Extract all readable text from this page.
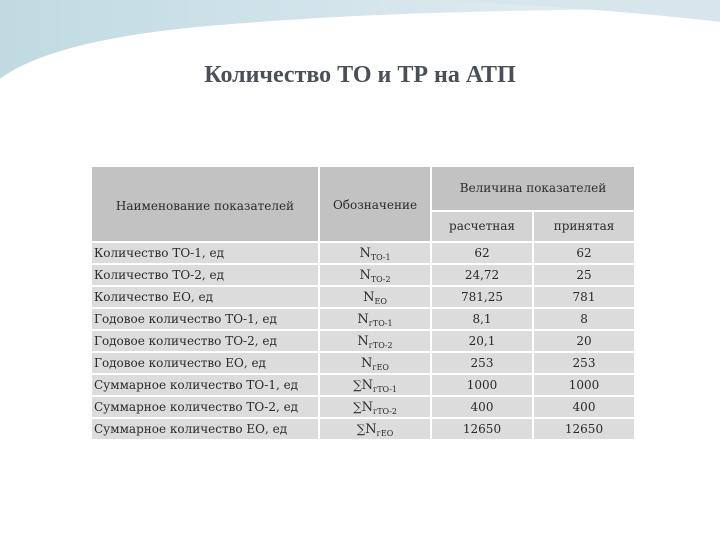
Количество ТО и ТР на АТП
Наименование показателей	Обозначение	Величина показателей	
		расчетная	принятая
Количество ТО-1, ед	$N_{ТО-1}$	62	62
Количество ТО-2, ед	$N_{ТО-2}$	24,72	25
Количество ЕО, ед	$N_{ЕО}$	781,25	781
Годовое количество ТО-1, ед	$N_{гТО-1}$	8,1	8
Годовое количество ТО-2, ед	$N_{гТО-2}$	20,1	20
Годовое количество ЕО, ед	$N_{гЕО}$	253	253
Суммарное количество ТО-1, ед	$\sum N_{гТО-1}$	1000	1000
Суммарное количество ТО-2, ед	$\sum N_{гТО-2}$	400	400
Суммарное количество ЕО, ед	$\sum N_{гЕО}$	12650	12650
